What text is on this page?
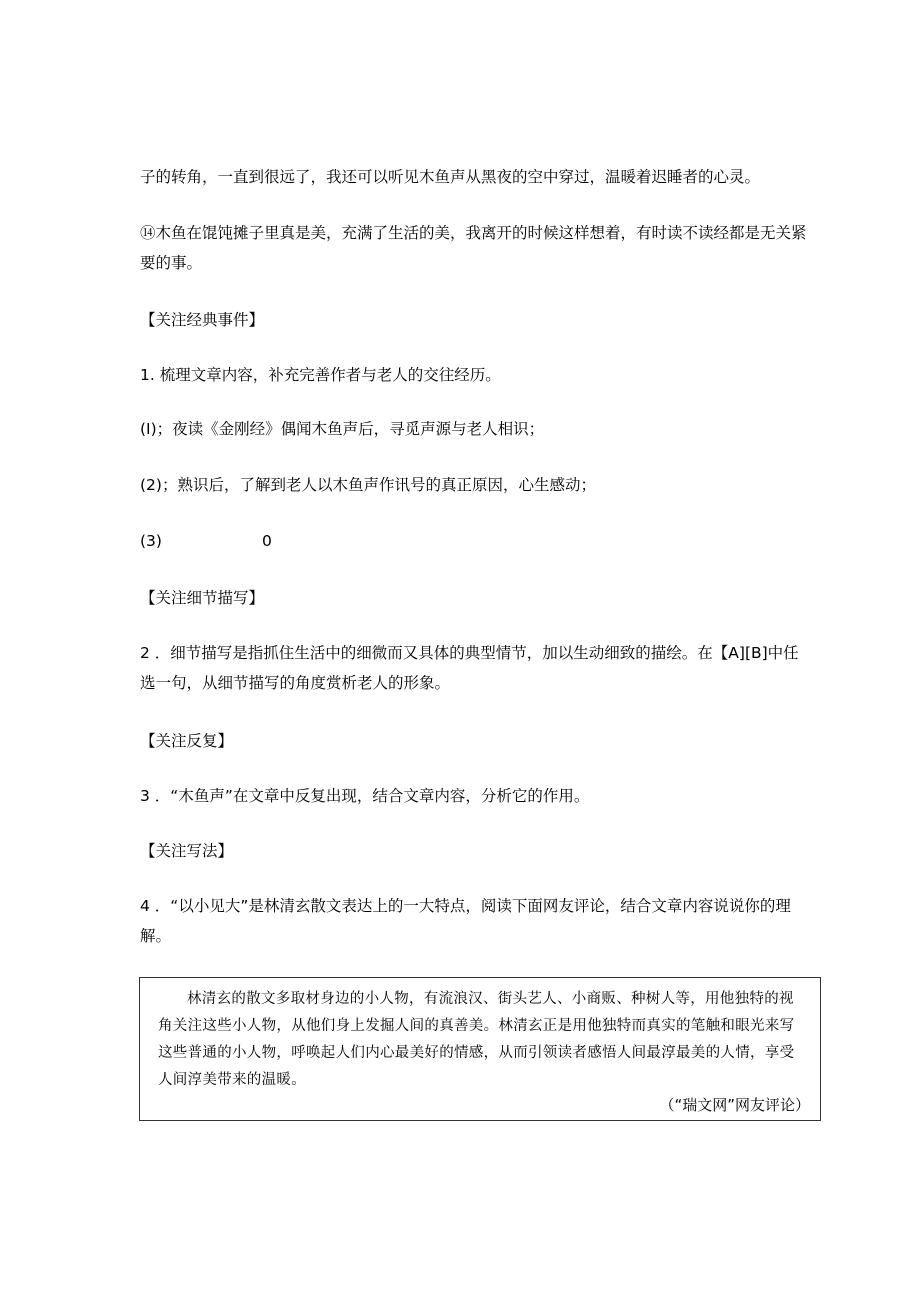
子的转角，一直到很远了，我还可以听见木鱼声从黑夜的空中穿过，温暖着迟睡者的心灵。

⑭木鱼在馄饨摊子里真是美，充满了生活的美，我离开的时候这样想着，有时读不读经都是无关紧

要的事。

【关注经典事件】

1. 梳理文章内容，补充完善作者与老人的交往经历。

(I)；夜读《金刚经》偶闻木鱼声后，寻觅声源与老人相识；

(2)；熟识后，了解到老人以木鱼声作讯号的真正原因，心生感动；

(3)	0

【关注细节描写】

2 ．细节描写是指抓住生活中的细微而又具体的典型情节，加以生动细致的描绘。在【A][B]中任

选一句，从细节描写的角度赏析老人的形象。

【关注反复】

3 ．“木鱼声”在文章中反复出现，结合文章内容，分析它的作用。

【关注写法】

4 ．“以小见大”是林清玄散文表达上的一大特点，阅读下面网友评论，结合文章内容说说你的理

解。

林清玄的散文多取材身边的小人物，有流浪汉、街头艺人、小商贩、种树人等，用他独特的视角关注这些小人物，从他们身上发掘人间的真善美。林清玄正是用他独特而真实的笔触和眼光来写这些普通的小人物，呼唤起人们内心最美好的情感，从而引领读者感悟人间最淳最美的人情，享受人间淳美带来的温暖。

（“瑞文网”网友评论）
